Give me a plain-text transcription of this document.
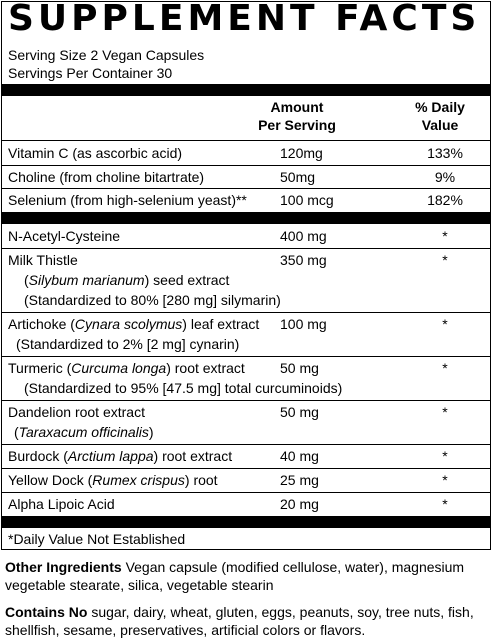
SUPPLEMENT FACTS
Serving Size 2 Vegan Capsules
Servings Per Container 30
Amount
Per Serving
% Daily
Value
Vitamin C (as ascorbic acid)	120mg	133%
Choline (from choline bitartrate)	50mg	9%
Selenium (from high-selenium yeast)** 100 mcg	182%
N-Acetyl-Cysteine	400 mg	*
Milk Thistle
(Silybum marianum) seed extract
(Standardized to 80% [280 mg] silymarin)
350 mg	*
Artichoke (Cynara scolymus) leaf extract
(Standardized to 2% [2 mg] cynarin)
100 mg	*
Turmeric (Curcuma longa) root extract
(Standardized to 95% [47.5 mg] total curcuminoids)
50 mg	*
Dandelion root extract
(Taraxacum officinalis)
50 mg	*
Burdock (Arctium lappa) root extract	40 mg	*
Yellow Dock (Rumex crispus) root	25 mg	*
Alpha Lipoic Acid	20 mg	*
*Daily Value Not Established
Other Ingredients Vegan capsule (modified cellulose, water), magnesium vegetable stearate, silica, vegetable stearin
Contains No sugar, dairy, wheat, gluten, eggs, peanuts, soy, tree nuts, fish, shellfish, sesame, preservatives, artificial colors or flavors.
